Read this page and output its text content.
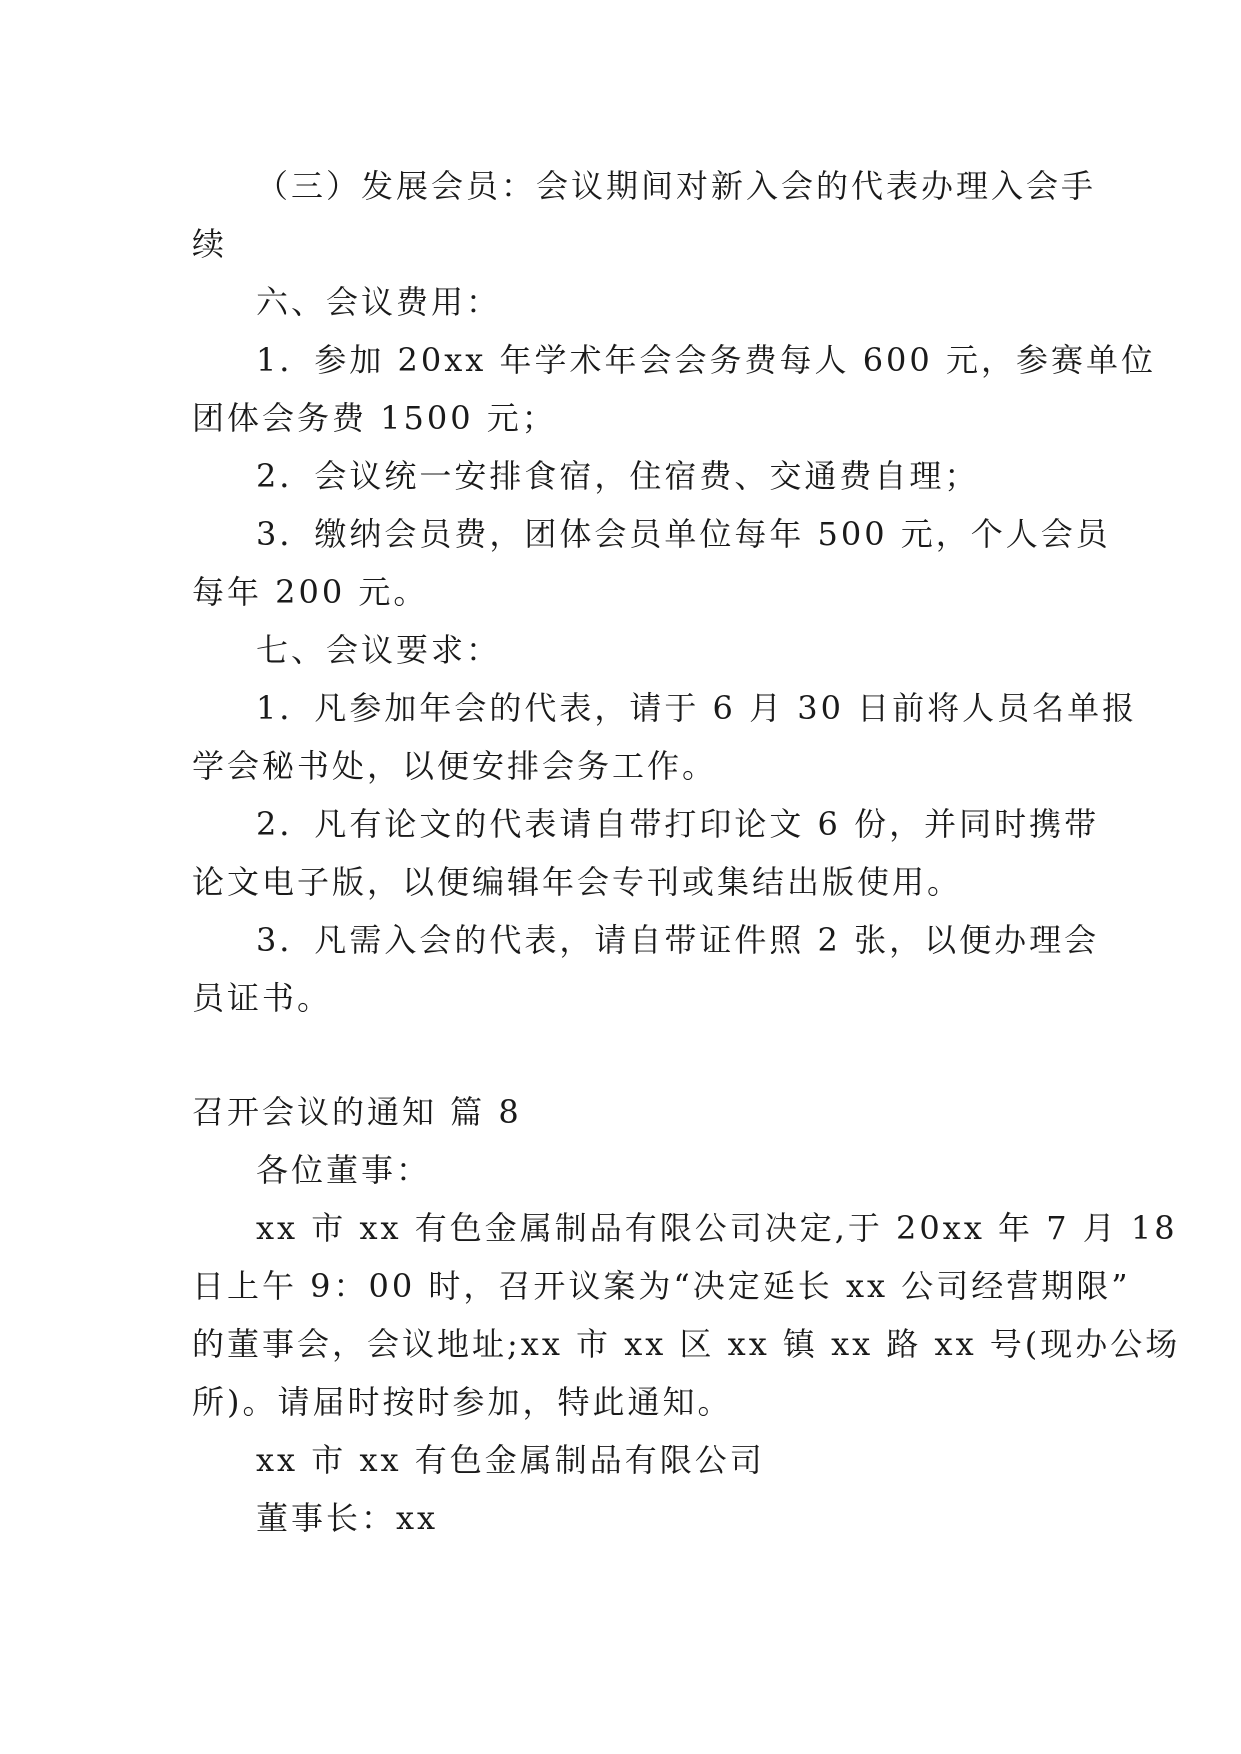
（三）发展会员：会议期间对新入会的代表办理入会手
续
六、会议费用：
1．参加 20xx 年学术年会会务费每人 600 元，参赛单位
团体会务费 1500 元；
2．会议统一安排食宿，住宿费、交通费自理；
3．缴纳会员费，团体会员单位每年 500 元，个人会员
每年 200 元。
七、会议要求：
1．凡参加年会的代表，请于 6 月 30 日前将人员名单报
学会秘书处，以便安排会务工作。
2．凡有论文的代表请自带打印论文 6 份，并同时携带
论文电子版，以便编辑年会专刊或集结出版使用。
3．凡需入会的代表，请自带证件照 2 张，以便办理会
员证书。
召开会议的通知 篇 8
各位董事：
xx 市 xx 有色金属制品有限公司决定,于 20xx 年 7 月 18
日上午 9：00 时，召开议案为“决定延长 xx 公司经营期限”
的董事会，会议地址;xx 市 xx 区 xx 镇 xx 路 xx 号(现办公场
所)。请届时按时参加，特此通知。
xx 市 xx 有色金属制品有限公司
董事长：xx
